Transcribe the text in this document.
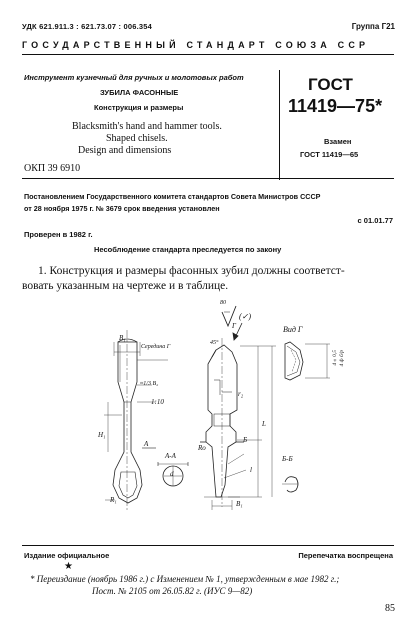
УДК 621.911.3 : 621.73.07 : 006.354	Группа Г21
ГОСУДАРСТВЕННЫЙ СТАНДАРТ СОЮЗА ССР
Инструмент кузнечный для ручных и молотовых работ
ЗУБИЛА ФАСОННЫЕ
Конструкция и размеры
Blacksmith's hand and hammer tools.
Shaped chisels.
Design and dimensions
ГОСТ
11419—75*
Взамен
ГОСТ 11419—65
ОКП 39 6910
Постановлением Государственного комитета стандартов Совета Министров СССР
от 28 ноября 1975 г. № 3679 срок введения установлен
с 01.01.77
Проверен в 1982 г.
Несоблюдение стандарта преследуется по закону
1. Конструкция и размеры фасонных зубил должны соответст-
вовать указанным на чертеже и в таблице.
B₁
Середина Г
≈1/3 B₂
1:10
H₁
R₁
А-А
А
d
80
(✓)
Г	Вид Г
45°
r₂
L
l
Б-Б
Б
Rо
B₁
4±0,5 4 ф б/р
Издание официальное	Перепечатка воспрещена
★
* Переиздание (ноябрь 1986 г.) с Изменением № 1, утвержденным в мае 1982 г.;
Пост. № 2105 от 26.05.82 г. (ИУС 9—82)
85
